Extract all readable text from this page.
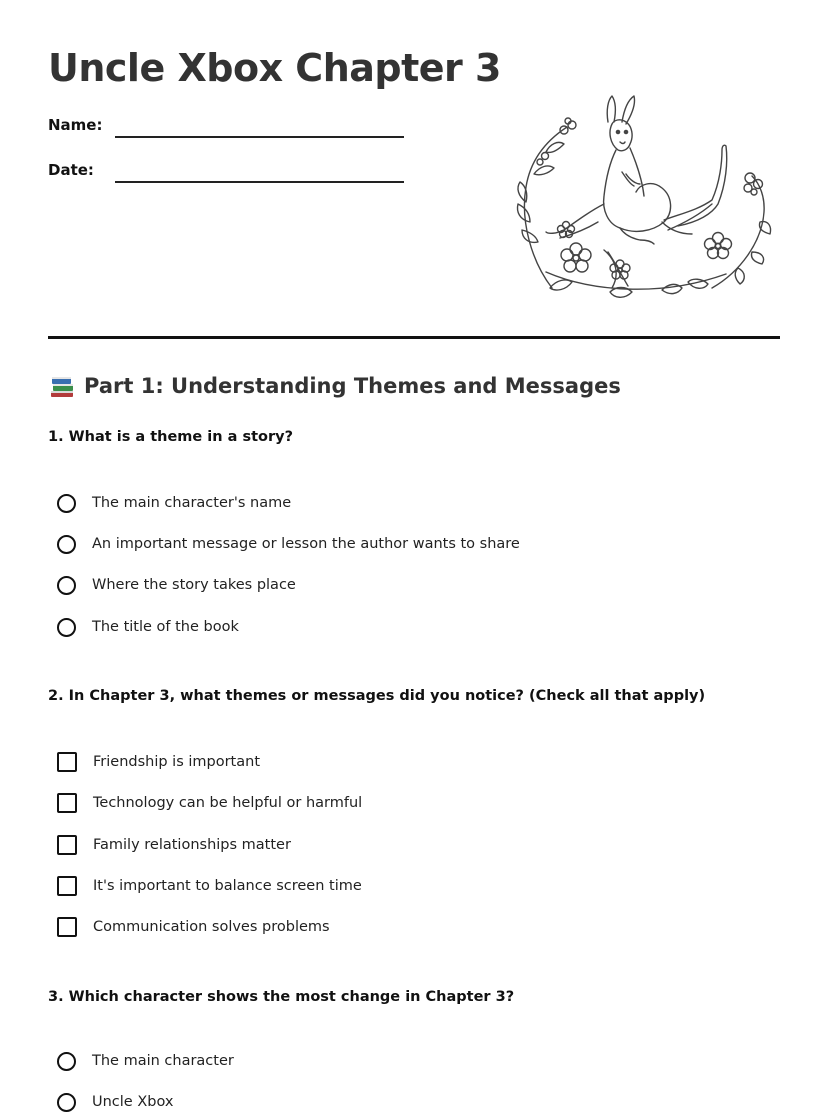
Uncle Xbox Chapter 3
Name:
Date:
Part 1: Understanding Themes and Messages
1. What is a theme in a story?
The main character's name
An important message or lesson the author wants to share
Where the story takes place
The title of the book
2. In Chapter 3, what themes or messages did you notice? (Check all that apply)
Friendship is important
Technology can be helpful or harmful
Family relationships matter
It's important to balance screen time
Communication solves problems
3. Which character shows the most change in Chapter 3?
The main character
Uncle Xbox
